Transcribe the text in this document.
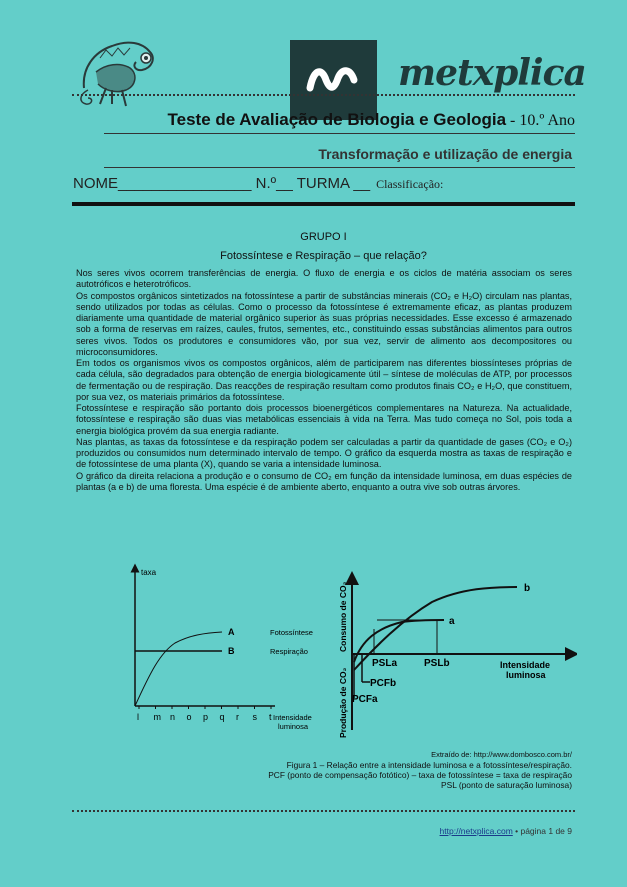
metxplica
Teste de Avaliação de Biologia e Geologia - 10.º Ano
Transformação e utilização de energia
NOME________________ N.º__ TURMA __ Classificação:
GRUPO I
Fotossíntese e Respiração – que relação?

Nos seres vivos ocorrem transferências de energia. O fluxo de energia e os ciclos de matéria associam os seres autotróficos e heterotróficos.

Os compostos orgânicos sintetizados na fotossíntese a partir de substâncias minerais (CO₂ e H₂O) circulam nas plantas, sendo utilizados por todas as células. Como o processo da fotossíntese é extremamente eficaz, as plantas produzem diariamente uma quantidade de material orgânico superior às suas próprias necessidades. Esse excesso é armazenado sob a forma de reservas em raízes, caules, frutos, sementes, etc., constituindo essas substâncias alimentos para outros seres vivos. Todos os produtores e consumidores vão, por sua vez, servir de alimento aos decompositores ou microconsumidores.

Em todos os organismos vivos os compostos orgânicos, além de participarem nas diferentes biossínteses próprias de cada célula, são degradados para obtenção de energia biologicamente útil – síntese de moléculas de ATP, por processos de fermentação ou de respiração. Das reacções de respiração resultam como produtos finais CO₂ e H₂O, que constituem, por sua vez, os materiais primários da fotossíntese.

Fotossíntese e respiração são portanto dois processos bioenergéticos complementares na Natureza. Na actualidade, fotossíntese e respiração são duas vias metabólicas essenciais à vida na Terra. Mas tudo começa no Sol, pois toda a energia biológica provém da sua energia radiante.

Nas plantas, as taxas da fotossíntese e da respiração podem ser calculadas a partir da quantidade de gases (CO₂ e O₂) produzidos ou consumidos num determinado intervalo de tempo. O gráfico da esquerda mostra as taxas de respiração e de fotossíntese de uma planta (X), quando se varia a intensidade luminosa.

O gráfico da direita relaciona a produção e o consumo de CO₂ em função da intensidade luminosa, em duas espécies de plantas (a e b) de uma floresta. Uma espécie é de ambiente aberto, enquanto a outra vive sob outras árvores.

taxa
A	Fotossíntese
B	Respiração
l m n o p q r s t Intensidade
luminosa
Consumo de CO₂
Produção de CO₂
b
a
PSLa	PSLb
PCFb
PCFa
Intensidade
luminosa
Extraído de: http://www.dombosco.com.br/
Figura 1 – Relação entre a intensidade luminosa e a fotossíntese/respiração.
PCF (ponto de compensação fotótico) – taxa de fotossíntese = taxa de respiração
PSL (ponto de saturação luminosa)
http://netxplica.com • página 1 de 9
